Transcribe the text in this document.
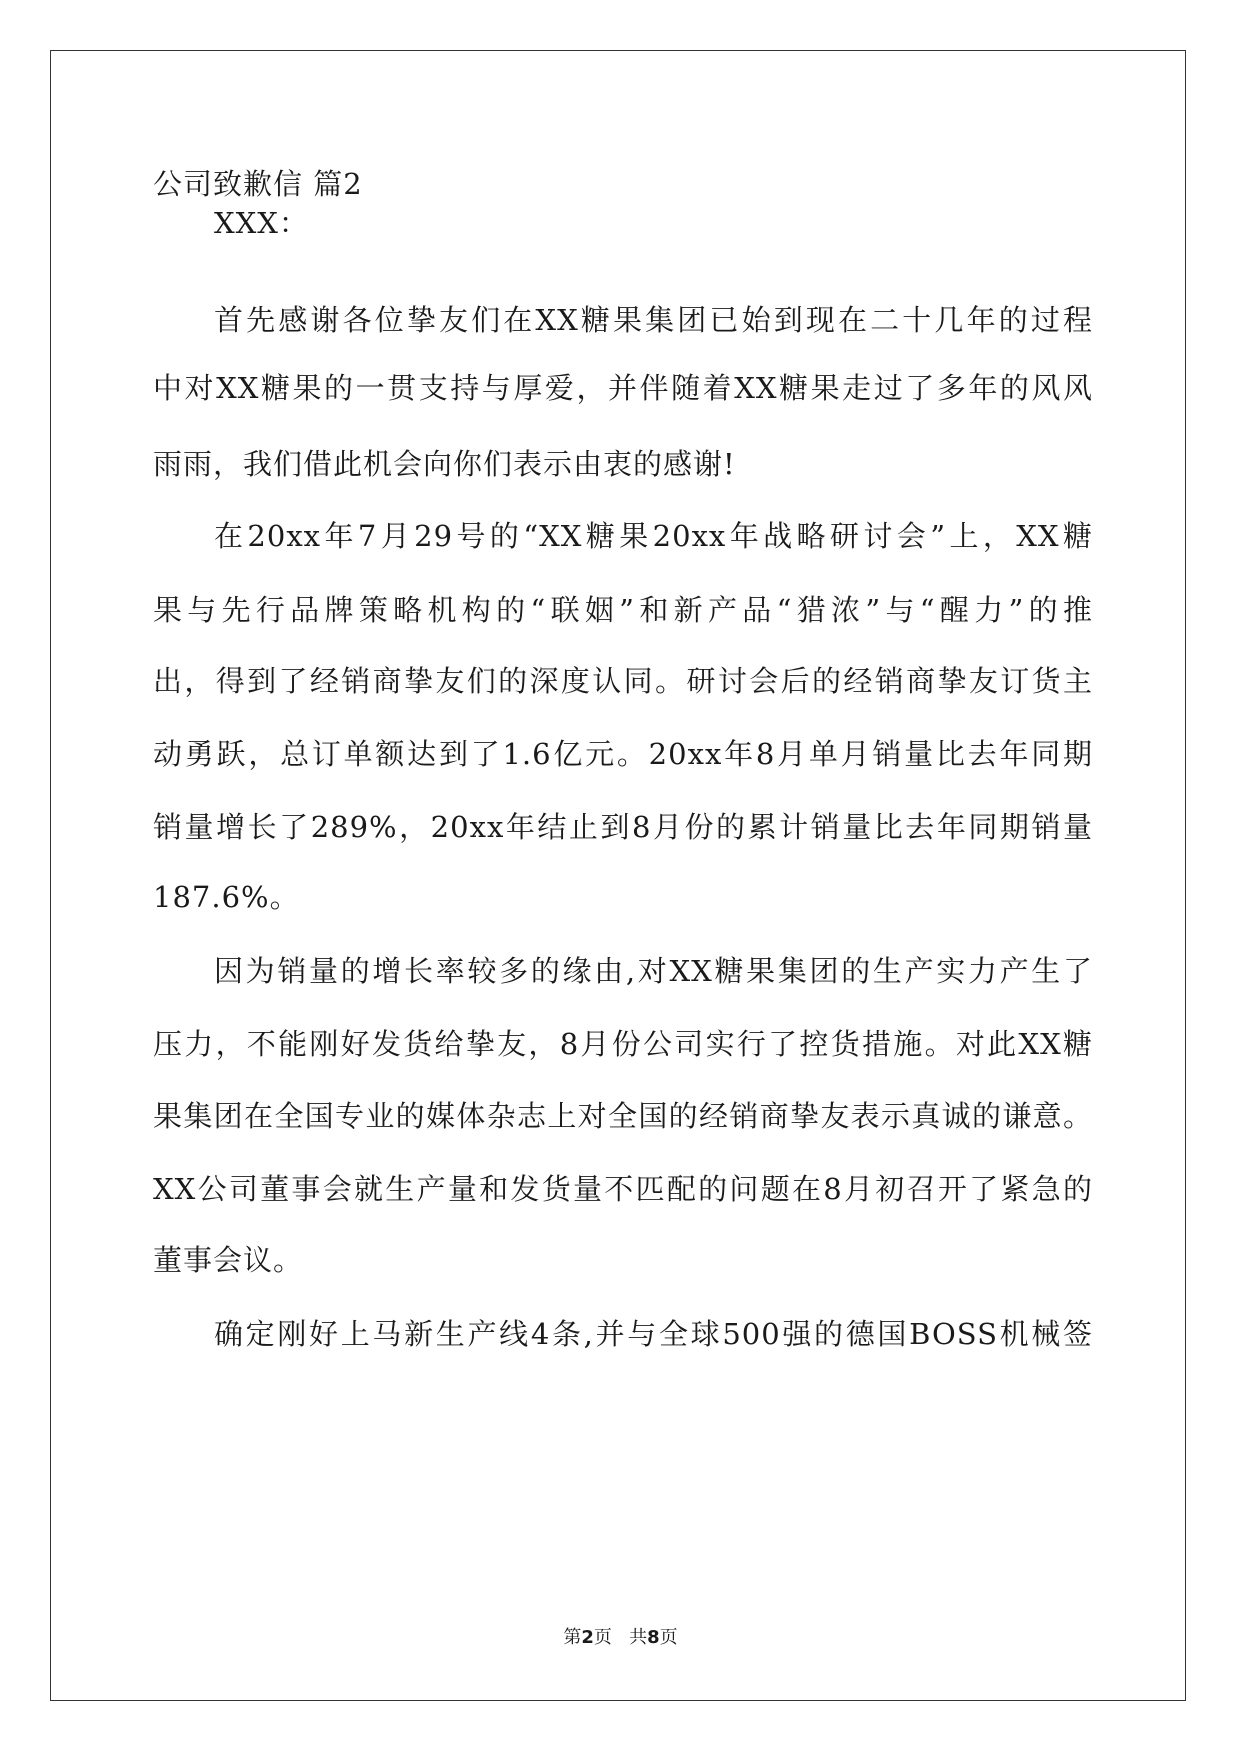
公司致歉信 篇2
XXX：
首先感谢各位挚友们在XX糖果集团已始到现在二十几年的过程
中对XX糖果的一贯支持与厚爱，并伴随着XX糖果走过了多年的风风
雨雨，我们借此机会向你们表示由衷的感谢!
在20xx年7月29号的“XX糖果20xx年战略研讨会”上，XX糖
果与先行品牌策略机构的“联姻”和新产品“猎浓”与“醒力”的推
出，得到了经销商挚友们的深度认同。研讨会后的经销商挚友订货主
动勇跃，总订单额达到了1.6亿元。20xx年8月单月销量比去年同期
销量增长了289%，20xx年结止到8月份的累计销量比去年同期销量
187.6%。
因为销量的增长率较多的缘由,对XX糖果集团的生产实力产生了
压力，不能刚好发货给挚友，8月份公司实行了控货措施。对此XX糖
果集团在全国专业的媒体杂志上对全国的经销商挚友表示真诚的谦意。
XX公司董事会就生产量和发货量不匹配的问题在8月初召开了紧急的
董事会议。
确定刚好上马新生产线4条,并与全球500强的德国BOSS机械签
第2页 共8页
